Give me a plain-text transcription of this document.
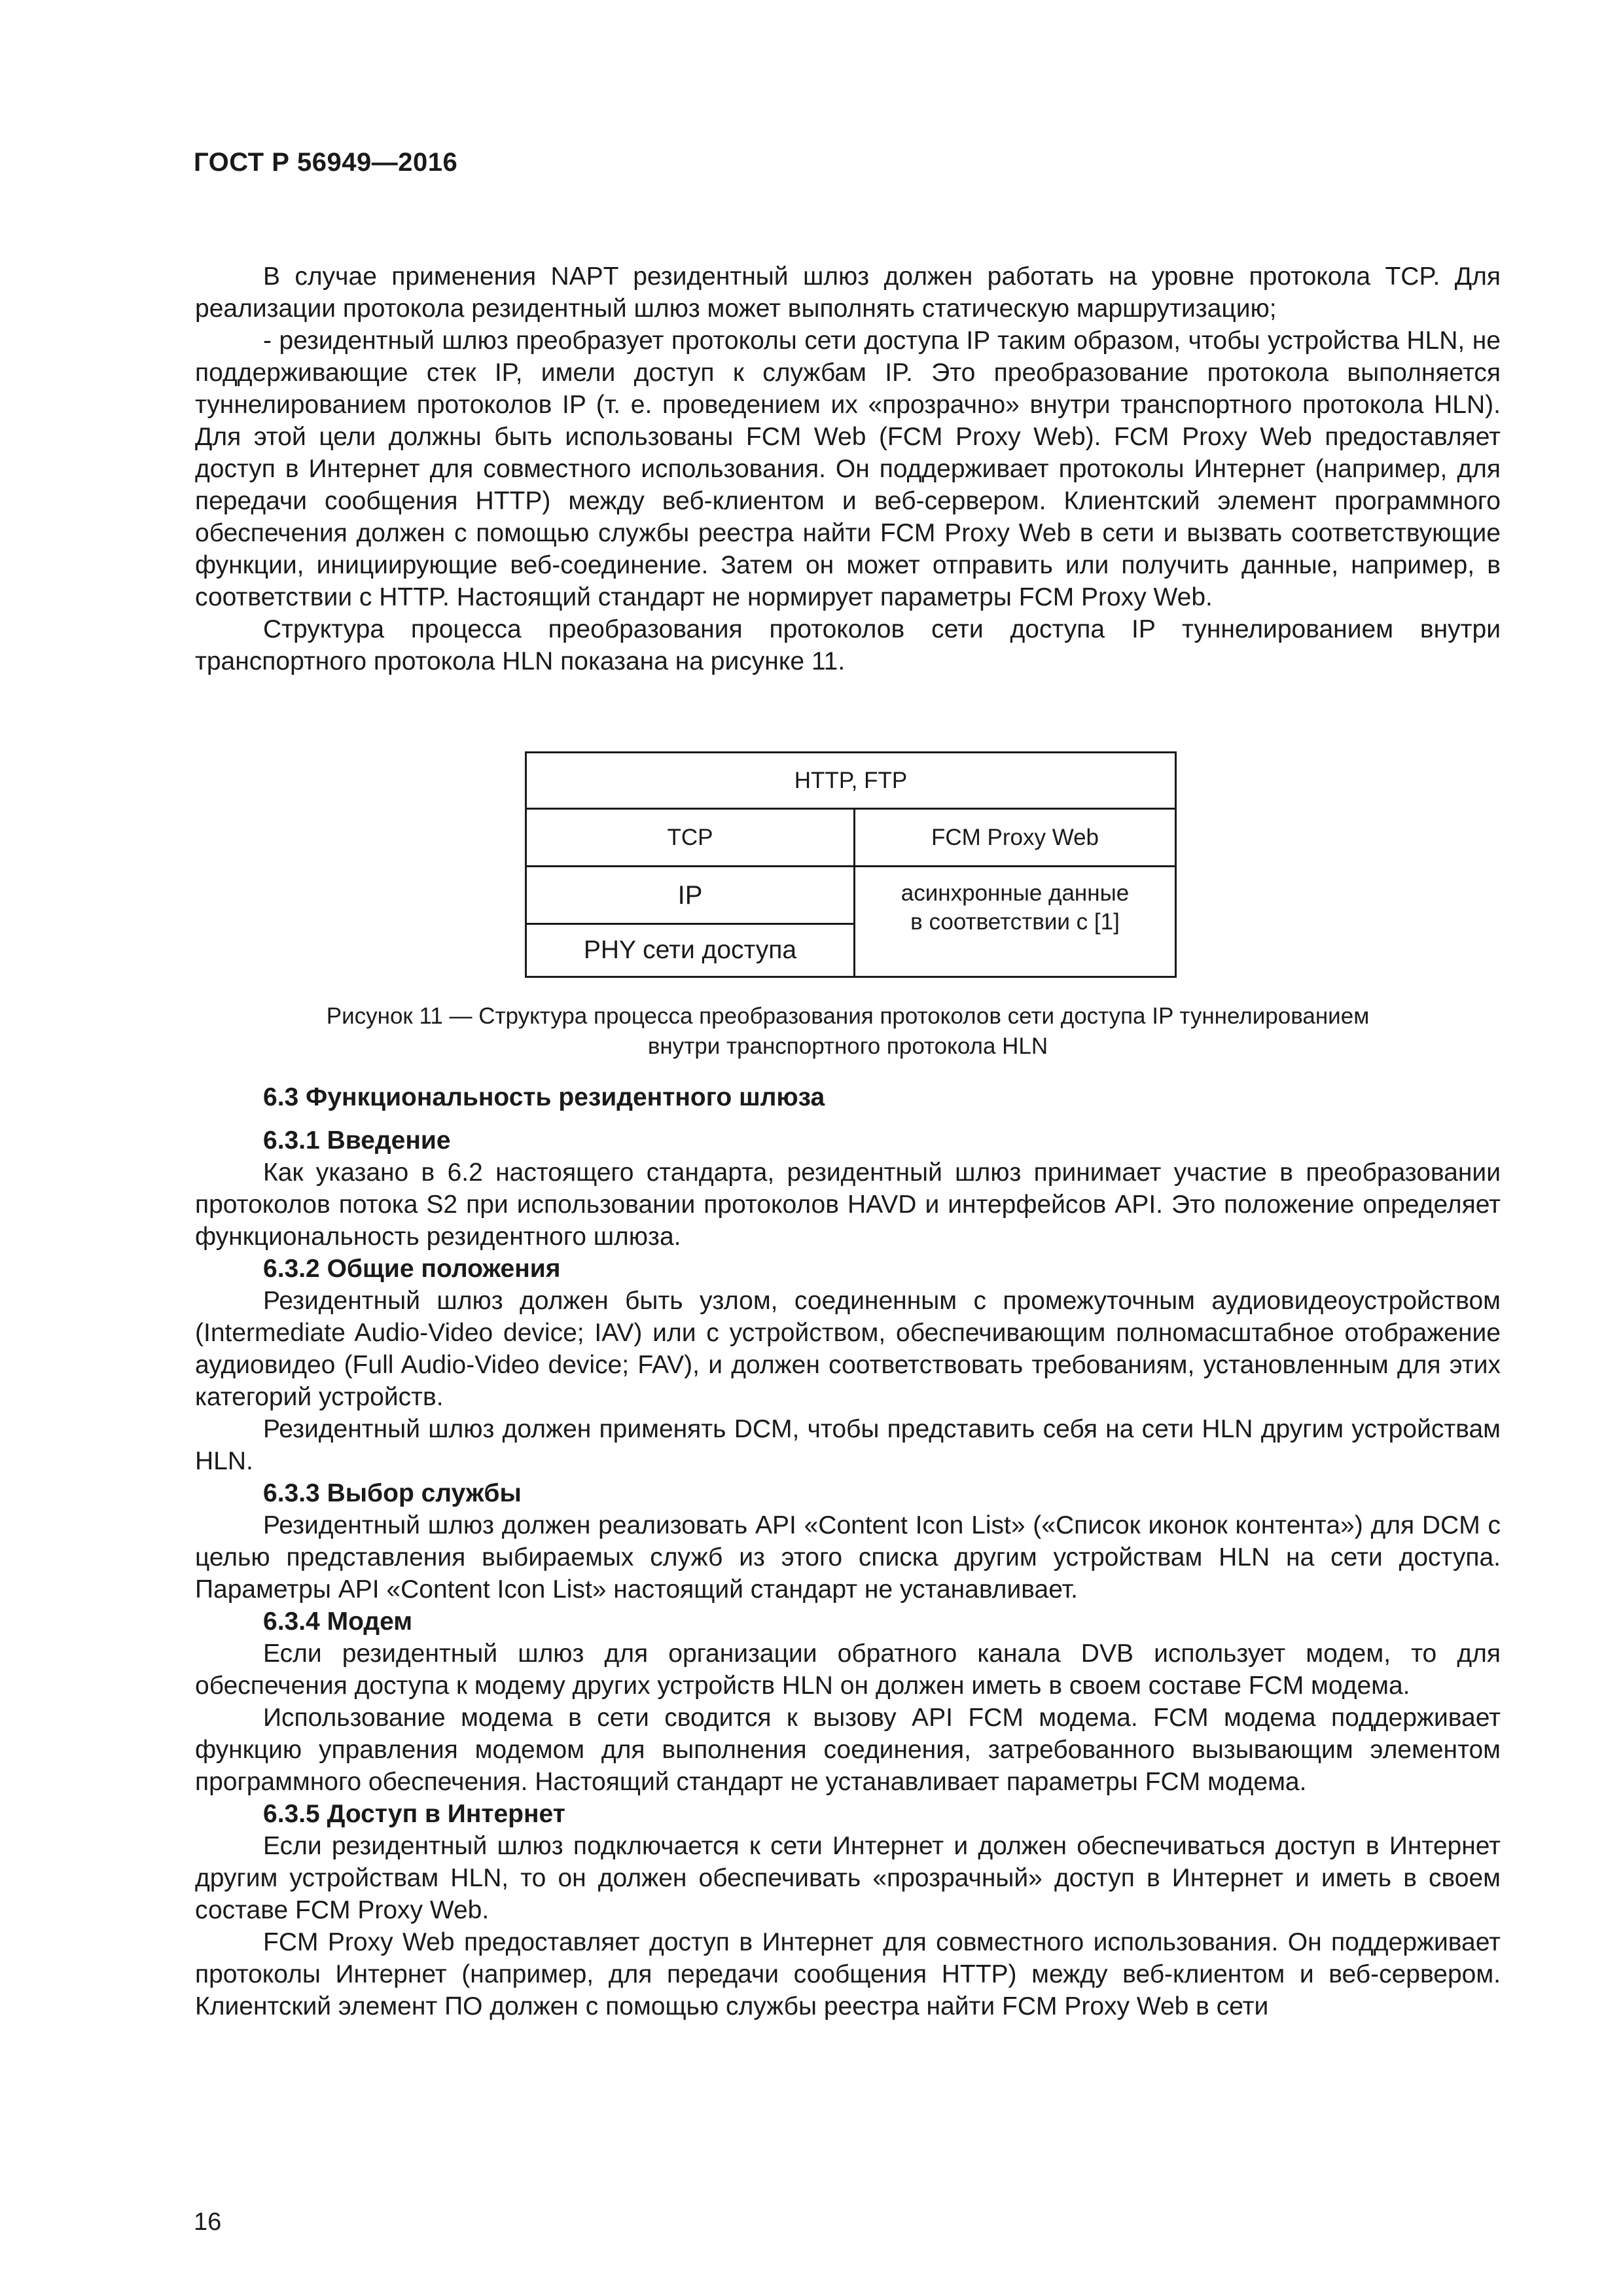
ГОСТ Р 56949—2016

В случае применения NAPT резидентный шлюз должен работать на уровне протокола TCP. Для реализации протокола резидентный шлюз может выполнять статическую маршрутизацию;

- резидентный шлюз преобразует протоколы сети доступа IP таким образом, чтобы устройства HLN, не поддерживающие стек IP, имели доступ к службам IP. Это преобразование протокола выполняется туннелированием протоколов IP (т. е. проведением их «прозрачно» внутри транспортного протокола HLN). Для этой цели должны быть использованы FCM Web (FCM Proxy Web). FCM Proxy Web предоставляет доступ в Интернет для совместного использования. Он поддерживает протоколы Интернет (например, для передачи сообщения HTTP) между веб-клиентом и веб-сервером. Клиентский элемент программного обеспечения должен с помощью службы реестра найти FCM Proxy Web в сети и вызвать соответствующие функции, инициирующие веб-соединение. Затем он может отправить или получить данные, например, в соответствии с HTTP. Настоящий стандарт не нормирует параметры FCM Proxy Web.

Структура процесса преобразования протоколов сети доступа IP туннелированием внутри транспортного протокола HLN показана на рисунке 11.

HTTP, FTP
TCP	FCM Proxy Web
IP	асинхронные данные
в соответствии с [1]
PHY сети доступа
Рисунок 11 — Структура процесса преобразования протоколов сети доступа IP туннелированием
внутри транспортного протокола HLN

6.3 Функциональность резидентного шлюза

6.3.1 Введение

Как указано в 6.2 настоящего стандарта, резидентный шлюз принимает участие в преобразовании протоколов потока S2 при использовании протоколов HAVD и интерфейсов API. Это положение определяет функциональность резидентного шлюза.

6.3.2 Общие положения

Резидентный шлюз должен быть узлом, соединенным с промежуточным аудиовидеоустройством (Intermediate Audio-Video device; IAV) или с устройством, обеспечивающим полномасштабное отображение аудиовидео (Full Audio-Video device; FAV), и должен соответствовать требованиям, установленным для этих категорий устройств.

Резидентный шлюз должен применять DCM, чтобы представить себя на сети HLN другим устройствам HLN.

6.3.3 Выбор службы

Резидентный шлюз должен реализовать API «Content Icon List» («Список иконок контента») для DCM с целью представления выбираемых служб из этого списка другим устройствам HLN на сети доступа. Параметры API «Content Icon List» настоящий стандарт не устанавливает.

6.3.4 Модем

Если резидентный шлюз для организации обратного канала DVB использует модем, то для обеспечения доступа к модему других устройств HLN он должен иметь в своем составе FCM модема.

Использование модема в сети сводится к вызову API FCM модема. FCM модема поддерживает функцию управления модемом для выполнения соединения, затребованного вызывающим элементом программного обеспечения. Настоящий стандарт не устанавливает параметры FCM модема.

6.3.5 Доступ в Интернет

Если резидентный шлюз подключается к сети Интернет и должен обеспечиваться доступ в Интернет другим устройствам HLN, то он должен обеспечивать «прозрачный» доступ в Интернет и иметь в своем составе FCM Proxy Web.

FCM Proxy Web предоставляет доступ в Интернет для совместного использования. Он поддерживает протоколы Интернет (например, для передачи сообщения HTTP) между веб-клиентом и веб-сервером. Клиентский элемент ПО должен с помощью службы реестра найти FCM Proxy Web в сети

16
